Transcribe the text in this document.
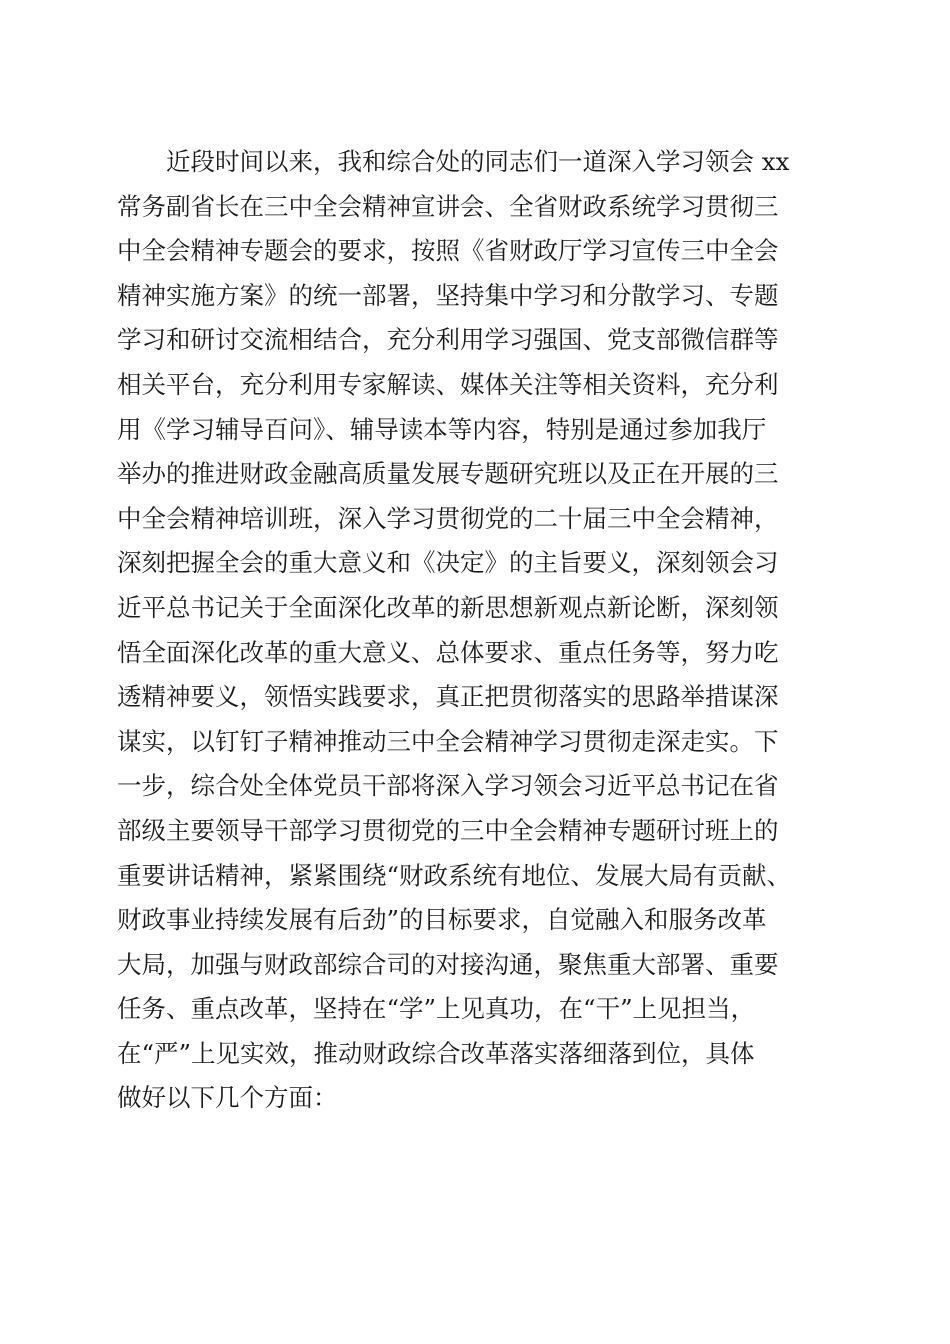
近段时间以来，我和综合处的同志们一道深入学习领会 xx
常务副省长在三中全会精神宣讲会、全省财政系统学习贯彻三
中全会精神专题会的要求，按照《省财政厅学习宣传三中全会
精神实施方案》的统一部署，坚持集中学习和分散学习、专题
学习和研讨交流相结合，充分利用学习强国、党支部微信群等
相关平台，充分利用专家解读、媒体关注等相关资料，充分利
用《学习辅导百问》、辅导读本等内容，特别是通过参加我厅
举办的推进财政金融高质量发展专题研究班以及正在开展的三
中全会精神培训班，深入学习贯彻党的二十届三中全会精神，
深刻把握全会的重大意义和《决定》的主旨要义，深刻领会习
近平总书记关于全面深化改革的新思想新观点新论断，深刻领
悟全面深化改革的重大意义、总体要求、重点任务等，努力吃
透精神要义，领悟实践要求，真正把贯彻落实的思路举措谋深
谋实，以钉钉子精神推动三中全会精神学习贯彻走深走实。下
一步，综合处全体党员干部将深入学习领会习近平总书记在省
部级主要领导干部学习贯彻党的三中全会精神专题研讨班上的
重要讲话精神，紧紧围绕“财政系统有地位、发展大局有贡献、
财政事业持续发展有后劲”的目标要求，自觉融入和服务改革
大局，加强与财政部综合司的对接沟通，聚焦重大部署、重要
任务、重点改革，坚持在“学”上见真功，在“干”上见担当，
在“严”上见实效，推动财政综合改革落实落细落到位，具体
做好以下几个方面：
